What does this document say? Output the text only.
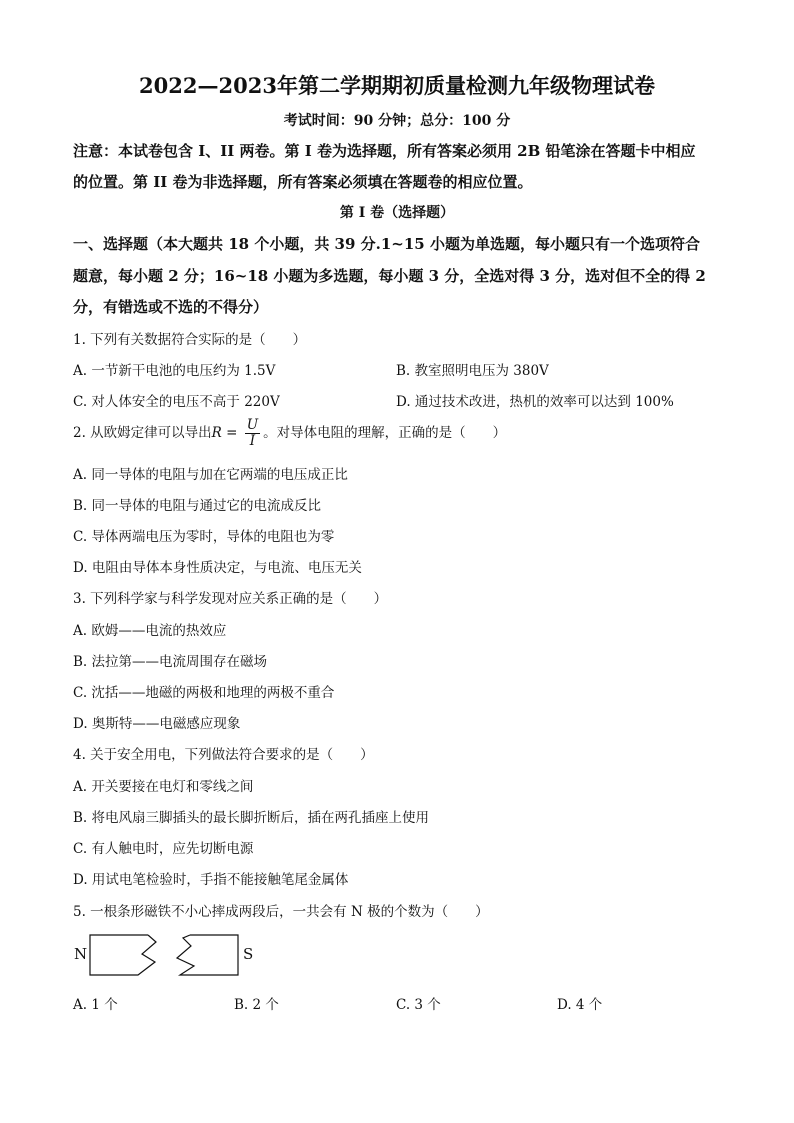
2022—2023年第二学期期初质量检测九年级物理试卷
考试时间：90 分钟；总分：100 分
注意：本试卷包含 I、II 两卷。第 I 卷为选择题，所有答案必须用 2B 铅笔涂在答题卡中相应
的位置。第 II 卷为非选择题，所有答案必须填在答题卷的相应位置。
第 I 卷（选择题）
一、选择题（本大题共 18 个小题，共 39 分.1~15 小题为单选题，每小题只有一个选项符合
题意，每小题 2 分；16~18 小题为多选题，每小题 3 分，全选对得 3 分，选对但不全的得 2
分，有错选或不选的不得分）
1. 下列有关数据符合实际的是（　　）
A. 一节新干电池的电压约为 1.5V	B. 教室照明电压为 380V
C. 对人体安全的电压不高于 220V	D. 通过技术改进，热机的效率可以达到 100%
2. 从欧姆定律可以导出$R = \frac{U}{I}$ 。对导体电阻的理解，正确的是（　　）
A. 同一导体的电阻与加在它两端的电压成正比
B. 同一导体的电阻与通过它的电流成反比
C. 导体两端电压为零时，导体的电阻也为零
D. 电阻由导体本身性质决定，与电流、电压无关
3. 下列科学家与科学发现对应关系正确的是（　　）
A. 欧姆——电流的热效应
B. 法拉第——电流周围存在磁场
C. 沈括——地磁的两极和地理的两极不重合
D. 奥斯特——电磁感应现象
4. 关于安全用电，下列做法符合要求的是（　　）
A. 开关要接在电灯和零线之间
B. 将电风扇三脚插头的最长脚折断后，插在两孔插座上使用
C. 有人触电时，应先切断电源
D. 用试电笔检验时，手指不能接触笔尾金属体
5. 一根条形磁铁不小心摔成两段后，一共会有 N 极的个数为（　　）
N	S
A. 1 个	B. 2 个	C. 3 个	D. 4 个
